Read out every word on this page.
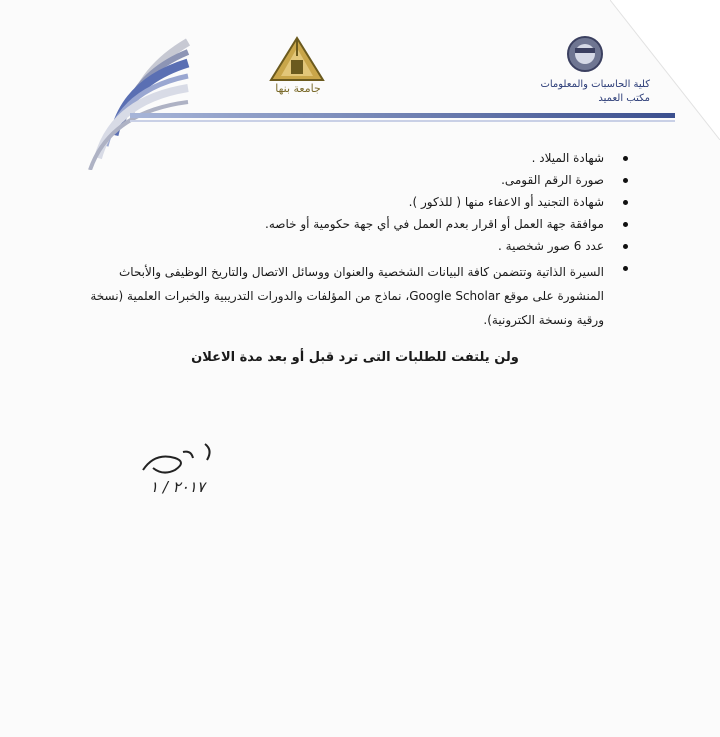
جامعة بنها	كلية الحاسبات والمعلومات
مكتب العميد
شهادة الميلاد .
صورة الرقم القومى.
شهادة التجنيد أو الاعفاء منها ( للذكور ).
موافقة جهة العمل أو اقرار بعدم العمل في أي جهة حكومية أو خاصه.
عدد 6 صور شخصية .
السيرة الذاتية وتتضمن كافة البيانات الشخصية والعنوان ووسائل الاتصال والتاريخ الوظيفى والأبحاث المنشورة على موقع Google Scholar، نماذج من المؤلفات والدورات التدريبية والخبرات العلمية (نسخة ورقية ونسخة الكترونية).
ولن يلتفت للطلبات التى ترد قبل أو بعد مدة الاعلان
٢٠١٧ / ١
